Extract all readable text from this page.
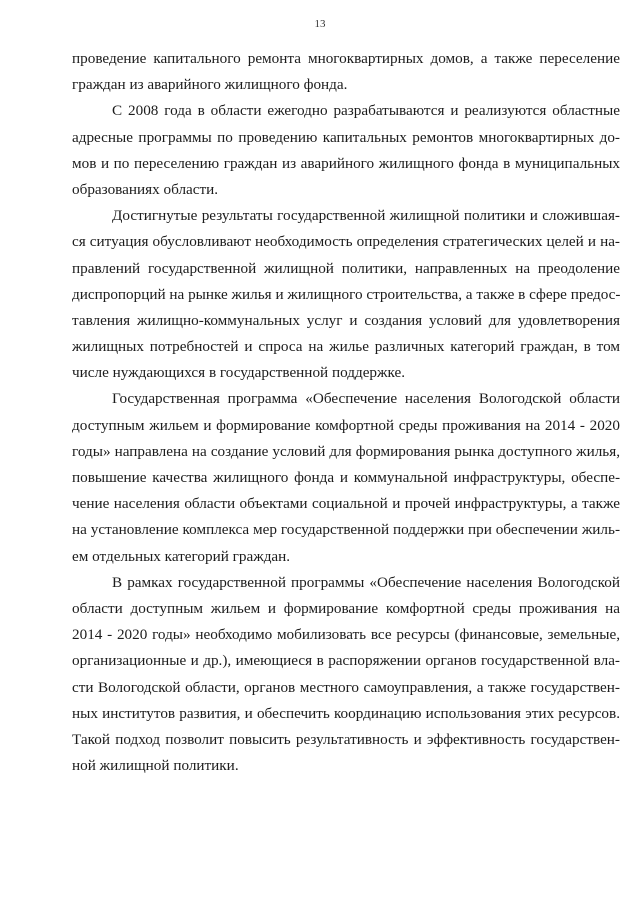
13
проведение капитального ремонта многоквартирных домов, а также переселение
граждан из аварийного жилищного фонда.
С 2008 года в области ежегодно разрабатываются и реализуются областные
адресные программы по проведению капитальных ремонтов многоквартирных до-
мов и по переселению граждан из аварийного жилищного фонда в муниципальных
образованиях области.
Достигнутые результаты государственной жилищной политики и сложившая-
ся ситуация обусловливают необходимость определения стратегических целей и на-
правлений государственной жилищной политики, направленных на преодоление
диспропорций на рынке жилья и жилищного строительства, а также в сфере предос-
тавления жилищно-коммунальных услуг и создания условий для удовлетворения
жилищных потребностей и спроса на жилье различных категорий граждан, в том
числе нуждающихся в государственной поддержке.
Государственная программа «Обеспечение населения Вологодской области
доступным жильем и формирование комфортной среды проживания на 2014 - 2020
годы» направлена на создание условий для формирования рынка доступного жилья,
повышение качества жилищного фонда и коммунальной инфраструктуры, обеспе-
чение населения области объектами социальной и прочей инфраструктуры, а также
на установление комплекса мер государственной поддержки при обеспечении жиль-
ем отдельных категорий граждан.
В рамках государственной программы «Обеспечение населения Вологодской
области доступным жильем и формирование комфортной среды проживания на
2014 - 2020 годы» необходимо мобилизовать все ресурсы (финансовые, земельные,
организационные и др.), имеющиеся в распоряжении органов государственной вла-
сти Вологодской области, органов местного самоуправления, а также государствен-
ных институтов развития, и обеспечить координацию использования этих ресурсов.
Такой подход позволит повысить результативность и эффективность государствен-
ной жилищной политики.
